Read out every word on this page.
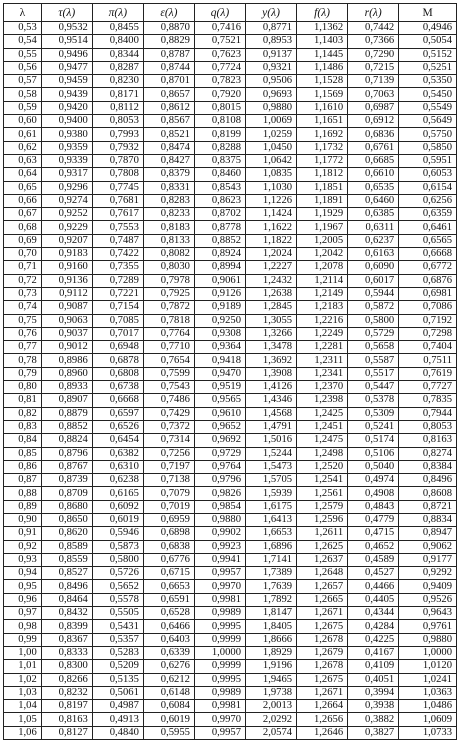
λ	τ(λ)	π(λ)	ε(λ)	q(λ)	y(λ)	f(λ)	r(λ)	M
0,53	0,9532	0,8455	0,8870	0,7416	0,8771	1,1362	0,7442	0,4946
0,54	0,9514	0,8400	0,8829	0,7521	0,8953	1,1403	0,7366	0,5054
0,55	0,9496	0,8344	0,8787	0,7623	0,9137	1,1445	0,7290	0,5152
0,56	0,9477	0,8287	0,8744	0,7724	0,9321	1,1486	0,7215	0,5251
0,57	0,9459	0,8230	0,8701	0,7823	0,9506	1,1528	0,7139	0,5350
0,58	0,9439	0,8171	0,8657	0,7920	0,9693	1,1569	0,7063	0,5450
0,59	0,9420	0,8112	0,8612	0,8015	0,9880	1,1610	0,6987	0,5549
0,60	0,9400	0,8053	0,8567	0,8108	1,0069	1,1651	0,6912	0,5649
0,61	0,9380	0,7993	0,8521	0,8199	1,0259	1,1692	0,6836	0,5750
0,62	0,9359	0,7932	0,8474	0,8288	1,0450	1,1732	0,6761	0,5850
0,63	0,9339	0,7870	0,8427	0,8375	1,0642	1,1772	0,6685	0,5951
0,64	0,9317	0,7808	0,8379	0,8460	1,0835	1,1812	0,6610	0,6053
0,65	0,9296	0,7745	0,8331	0,8543	1,1030	1,1851	0,6535	0,6154
0,66	0,9274	0,7681	0,8283	0,8623	1,1226	1,1891	0,6460	0,6256
0,67	0,9252	0,7617	0,8233	0,8702	1,1424	1,1929	0,6385	0,6359
0,68	0,9229	0,7553	0,8183	0,8778	1,1622	1,1967	0,6311	0,6461
0,69	0,9207	0,7487	0,8133	0,8852	1,1822	1,2005	0,6237	0,6565
0,70	0,9183	0,7422	0,8082	0,8924	1,2024	1,2042	0,6163	0,6668
0,71	0,9160	0,7355	0,8030	0,8994	1,2227	1,2078	0,6090	0,6772
0,72	0,9136	0,7289	0,7978	0,9061	1,2432	1,2114	0,6017	0,6876
0,73	0,9112	0,7221	0,7925	0,9126	1,2638	1,2149	0,5944	0,6981
0,74	0,9087	0,7154	0,7872	0,9189	1,2845	1,2183	0,5872	0,7086
0,75	0,9063	0,7085	0,7818	0,9250	1,3055	1,2216	0,5800	0,7192
0,76	0,9037	0,7017	0,7764	0,9308	1,3266	1,2249	0,5729	0,7298
0,77	0,9012	0,6948	0,7710	0,9364	1,3478	1,2281	0,5658	0,7404
0,78	0,8986	0,6878	0,7654	0,9418	1,3692	1,2311	0,5587	0,7511
0,79	0,8960	0,6808	0,7599	0,9470	1,3908	1,2341	0,5517	0,7619
0,80	0,8933	0,6738	0,7543	0,9519	1,4126	1,2370	0,5447	0,7727
0,81	0,8907	0,6668	0,7486	0,9565	1,4346	1,2398	0,5378	0,7835
0,82	0,8879	0,6597	0,7429	0,9610	1,4568	1,2425	0,5309	0,7944
0,83	0,8852	0,6526	0,7372	0,9652	1,4791	1,2451	0,5241	0,8053
0,84	0,8824	0,6454	0,7314	0,9692	1,5016	1,2475	0,5174	0,8163
0,85	0,8796	0,6382	0,7256	0,9729	1,5244	1,2498	0,5106	0,8274
0,86	0,8767	0,6310	0,7197	0,9764	1,5473	1,2520	0,5040	0,8384
0,87	0,8739	0,6238	0,7138	0,9796	1,5705	1,2541	0,4974	0,8496
0,88	0,8709	0,6165	0,7079	0,9826	1,5939	1,2561	0,4908	0,8608
0,89	0,8680	0,6092	0,7019	0,9854	1,6175	1,2579	0,4843	0,8721
0,90	0,8650	0,6019	0,6959	0,9880	1,6413	1,2596	0,4779	0,8834
0,91	0,8620	0,5946	0,6898	0,9902	1,6653	1,2611	0,4715	0,8947
0,92	0,8589	0,5873	0,6838	0,9923	1,6896	1,2625	0,4652	0,9062
0,93	0,8559	0,5800	0,6776	0,9941	1,7141	1,2637	0,4589	0,9177
0,94	0,8527	0,5726	0,6715	0,9957	1,7389	1,2648	0,4527	0,9292
0,95	0,8496	0,5652	0,6653	0,9970	1,7639	1,2657	0,4466	0,9409
0,96	0,8464	0,5578	0,6591	0,9981	1,7892	1,2665	0,4405	0,9526
0,97	0,8432	0,5505	0,6528	0,9989	1,8147	1,2671	0,4344	0,9643
0,98	0,8399	0,5431	0,6466	0,9995	1,8405	1,2675	0,4284	0,9761
0,99	0,8367	0,5357	0,6403	0,9999	1,8666	1,2678	0,4225	0,9880
1,00	0,8333	0,5283	0,6339	1,0000	1,8929	1,2679	0,4167	1,0000
1,01	0,8300	0,5209	0,6276	0,9999	1,9196	1,2678	0,4109	1,0120
1,02	0,8266	0,5135	0,6212	0,9995	1,9465	1,2675	0,4051	1,0241
1,03	0,8232	0,5061	0,6148	0,9989	1,9738	1,2671	0,3994	1,0363
1,04	0,8197	0,4987	0,6084	0,9981	2,0013	1,2664	0,3938	1,0486
1,05	0,8163	0,4913	0,6019	0,9970	2,0292	1,2656	0,3882	1,0609
1,06	0,8127	0,4840	0,5955	0,9957	2,0574	1,2646	0,3827	1,0733
